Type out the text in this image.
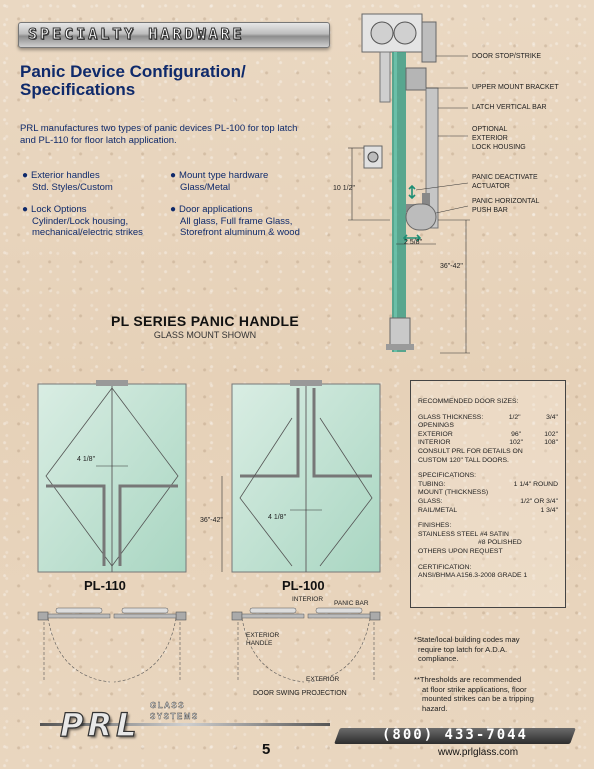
SPECIALTY HARDWARE
Panic Device Configuration/
Specifications
PRL manufactures two types of panic devices PL-100 for top latch
and PL-110 for floor latch application.
● Exterior handles
Std. Styles/Custom
● Mount type hardware
Glass/Metal
● Lock Options
Cylinder/Lock housing,
mechanical/electric strikes
● Door applications
All glass, Full frame Glass,
Storefront aluminum & wood
PL SERIES PANIC HANDLE
GLASS MOUNT SHOWN
DOOR STOP/STRIKE
UPPER MOUNT BRACKET
LATCH VERTICAL BAR
OPTIONAL
EXTERIOR
LOCK HOUSING
PANIC DEACTIVATE
ACTUATOR
PANIC HORIZONTAL
PUSH BAR
10 1/2"
2 5/8"
36"-42"
4 1/8"
PL-110
4 1/8"
36"-42"
PL-100
INTERIOR
PANIC BAR
EXTERIOR
HANDLE
EXTERIOR
DOOR SWING PROJECTION
RECOMMENDED DOOR SIZES:
GLASS THICKNESS:	1/2"	3/4"
OPENINGS
EXTERIOR	96"	102"
INTERIOR	102"	108"
CONSULT PRL FOR DETAILS ON
CUSTOM 120" TALL DOORS.
SPECIFICATIONS:
TUBING:	1 1/4" ROUND
MOUNT (THICKNESS)
GLASS:	1/2" OR 3/4"
RAIL/METAL	1 3/4"
FINISHES:
STAINLESS STEEL #4 SATIN
#8 POLISHED
OTHERS UPON REQUEST
CERTIFICATION:
ANSI/BHMA A156.3-2008 GRADE 1
*State/local building codes may
require top latch for A.D.A.
compliance.
**Thresholds are recommended
at floor strike applications, floor
mounted strikes can be a tripping
hazard.
PRL
GLASS
SYSTEMS
5
(800) 433-7044
www.prlglass.com
